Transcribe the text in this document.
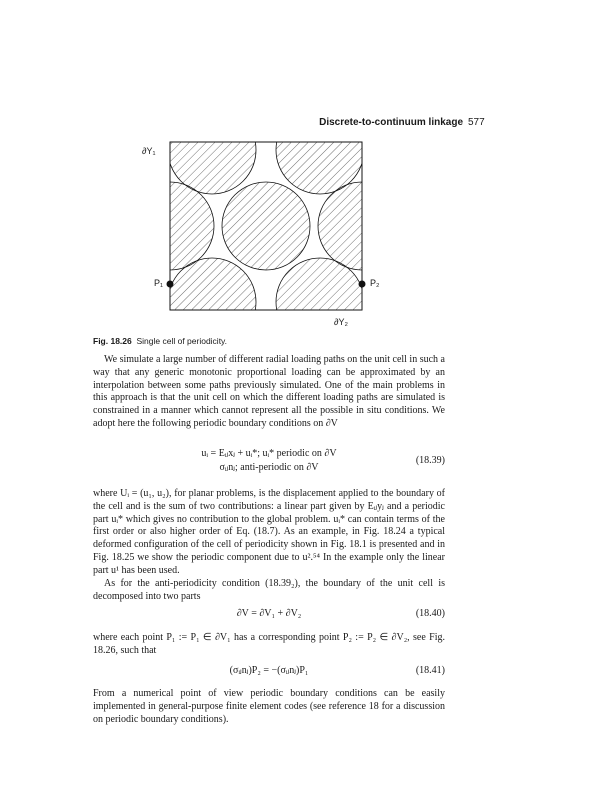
Discrete-to-continuum linkage 577
∂Y₁
P₁	P₂
∂Y₂
Fig. 18.26 Single cell of periodicity.

We simulate a large number of different radial loading paths on the unit cell in such a way that any generic monotonic proportional loading can be approximated by an interpolation between some paths previously simulated. One of the main problems in this approach is that the unit cell on which the different loading paths are simulated is constrained in a manner which cannot represent all the possible in situ conditions. We adopt here the following periodic boundary conditions on ∂V

uᵢ = Eᵢⱼxⱼ + uᵢ*; uᵢ* periodic on ∂V
σᵢⱼnⱼ; anti-periodic on ∂V
(18.39)

where Uᵢ = (u₁, u₂), for planar problems, is the displacement applied to the boundary of the cell and is the sum of two contributions: a linear part given by Eᵢⱼyⱼ and a periodic part uᵢ* which gives no contribution to the global problem. uᵢ* can contain terms of the first order or also higher order of Eq. (18.7). As an example, in Fig. 18.24 a typical deformed configuration of the cell of periodicity shown in Fig. 18.1 is presented and in Fig. 18.25 we show the periodic component due to u².⁵⁴ In the example only the linear part u¹ has been used.

As for the anti-periodicity condition (18.39₂), the boundary of the unit cell is decomposed into two parts

∂V = ∂V₁ + ∂V₂	(18.40)

where each point P₁ := P₁ ∈ ∂V₁ has a corresponding point P₂ := P₂ ∈ ∂V₂, see Fig. 18.26, such that

(σᵢⱼnⱼ)P₂ = −(σᵢⱼnⱼ)P₁	(18.41)

From a numerical point of view periodic boundary conditions can be easily implemented in general-purpose finite element codes (see reference 18 for a discussion on periodic boundary conditions).
